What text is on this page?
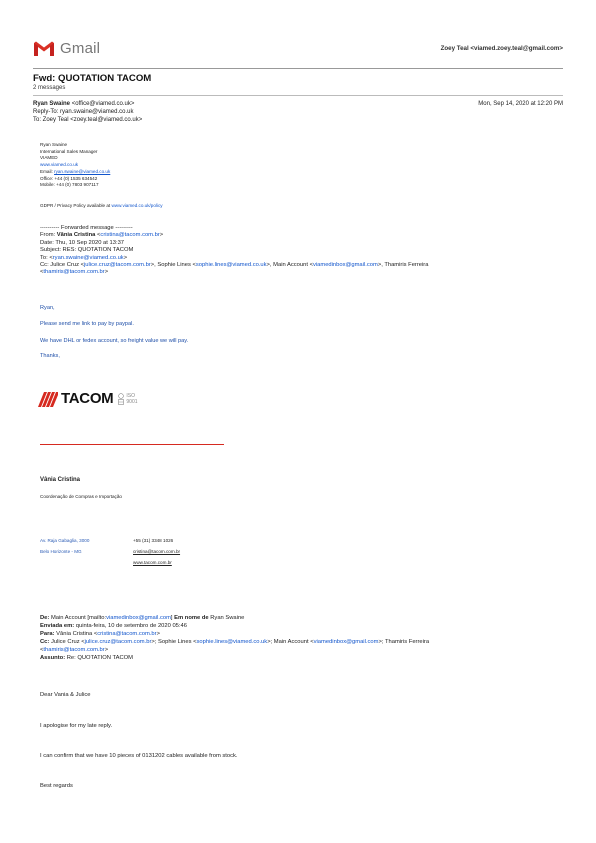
Gmail	Zoey Teal <viamed.zoey.teal@gmail.com>
Fwd: QUOTATION TACOM
2 messages
Ryan Swaine <office@viamed.co.uk>
Reply-To: ryan.swaine@viamed.co.uk
To: Zoey Teal <zoey.teal@viamed.co.uk>
Mon, Sep 14, 2020 at 12:20 PM
Ryan Swaine
International Sales Manager
VIAMED
www.viamed.co.uk
Email: ryan.swaine@viamed.co.uk
Office: +44 (0) 1535 634542
Mobile: +44 (0) 7803 907117
GDPR / Privacy Policy available at www.viamed.co.uk/policy
---------- Forwarded message ---------
From: Vânia Cristina <cristina@tacom.com.br>
Date: Thu, 10 Sep 2020 at 13:37
Subject: RES: QUOTATION TACOM
To: <ryan.swaine@viamed.co.uk>
Cc: Julice Cruz <julice.cruz@tacom.com.br>, Sophie Lines <sophie.lines@viamed.co.uk>, Main Account <viamedinbox@gmail.com>, Thamiris Ferreira
<thamiris@tacom.com.br>
Ryan,
Please send me link to pay by paypal.
We have DHL or fedex account, so freight value we will pay.
Thanks,
TACOM	ISO
9001
Vânia Cristina
Coordenação de Compras e Importação
Av. Raja Gabaglia, 3000
Belo Horizonte - MG
+55 (31) 3348 1026
cristina@tacom.com.br
www.tacom.com.br
De: Main Account [mailto:viamedinbox@gmail.com] Em nome de Ryan Swaine
Enviada em: quinta-feira, 10 de setembro de 2020 05:46
Para: Vânia Cristina <cristina@tacom.com.br>
Cc: Julice Cruz <julice.cruz@tacom.com.br>; Sophie Lines <sophie.lines@viamed.co.uk>; Main Account <viamedinbox@gmail.com>; Thamiris Ferreira
<thamiris@tacom.com.br>
Assunto: Re: QUOTATION TACOM
Dear Vania & Julice
I apologise for my late reply.
I can confirm that we have 10 pieces of 0131202 cables available from stock.
Best regards
